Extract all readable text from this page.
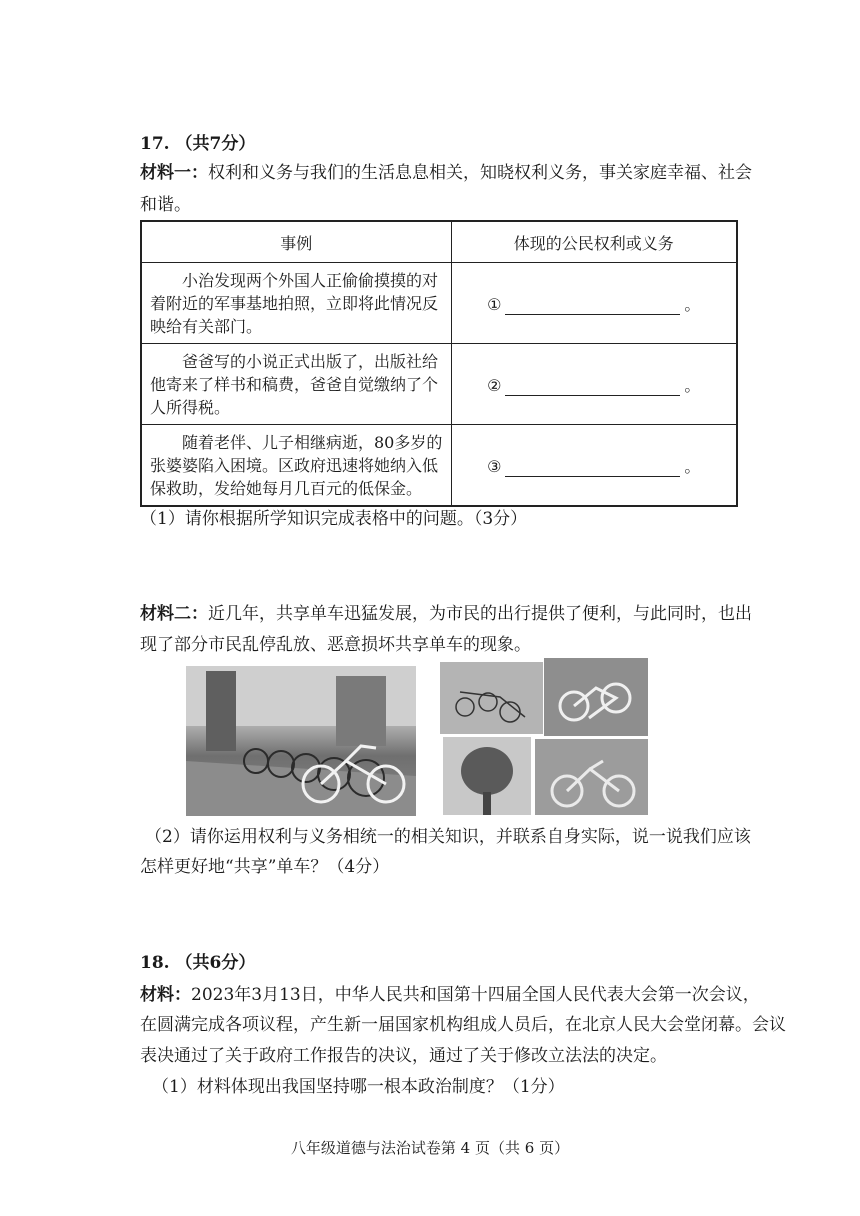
17. （共7分）
材料一：权利和义务与我们的生活息息相关，知晓权利义务，事关家庭幸福、社会
和谐。
事例	体现的公民权利或义务
小治发现两个外国人正偷偷摸摸的对着附近的军事基地拍照，立即将此情况反映给有关部门。	① 。
爸爸写的小说正式出版了，出版社给他寄来了样书和稿费，爸爸自觉缴纳了个人所得税。	② 。
随着老伴、儿子相继病逝，80多岁的张婆婆陷入困境。区政府迅速将她纳入低保救助，发给她每月几百元的低保金。	③ 。
（1）请你根据所学知识完成表格中的问题。（3分）
材料二：近几年，共享单车迅猛发展，为市民的出行提供了便利，与此同时，也出
现了部分市民乱停乱放、恶意损坏共享单车的现象。
（2）请你运用权利与义务相统一的相关知识，并联系自身实际，说一说我们应该
怎样更好地“共享”单车？（4分）
18. （共6分）
材料：2023年3月13日，中华人民共和国第十四届全国人民代表大会第一次会议，
在圆满完成各项议程，产生新一届国家机构组成人员后，在北京人民大会堂闭幕。会议
表决通过了关于政府工作报告的决议，通过了关于修改立法法的决定。
（1）材料体现出我国坚持哪一根本政治制度？（1分）
八年级道德与法治试卷第 4 页（共 6 页）
